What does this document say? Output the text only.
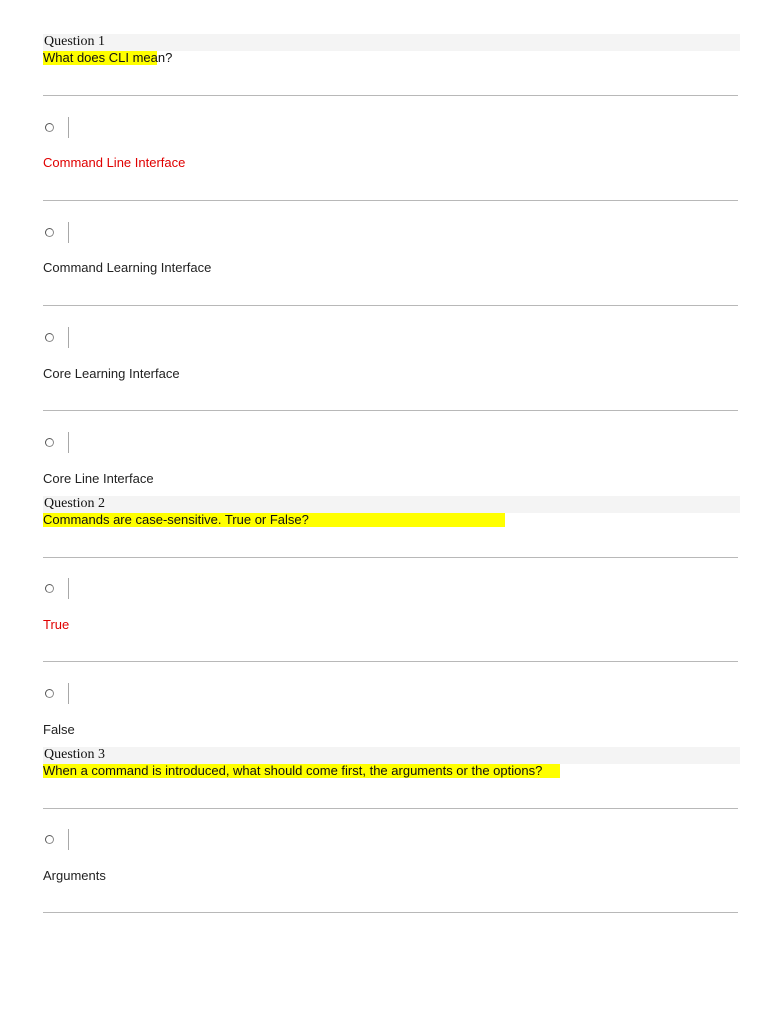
Question 1
What does CLI mean?
Command Line Interface
Command Learning Interface
Core Learning Interface
Core Line Interface
Question 2
Commands are case-sensitive. True or False?
True
False
Question 3
When a command is introduced, what should come first, the arguments or the options?
Arguments
